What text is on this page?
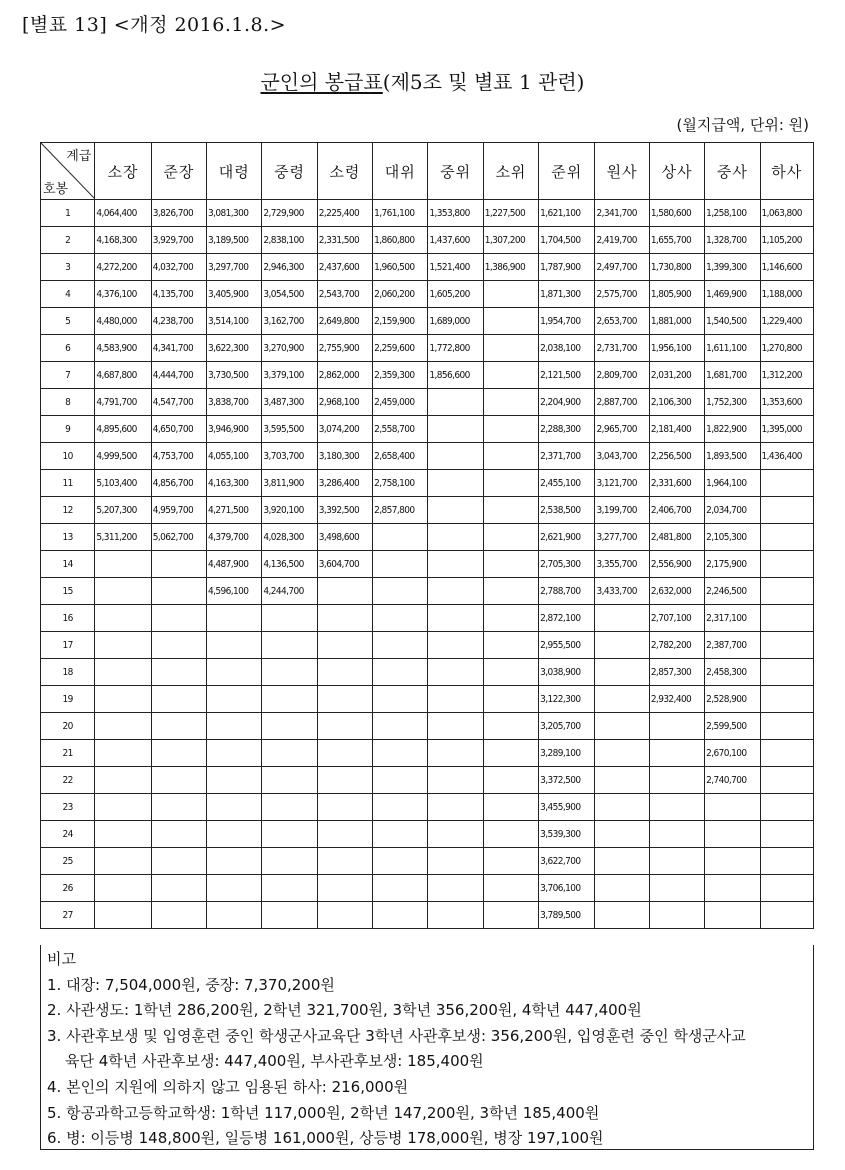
[별표 13] <개정 2016.1.8.>
군인의 봉급표(제5조 및 별표 1 관련)
(월지급액, 단위: 원)
계급
호봉	소장	준장	대령	중령	소령	대위	중위	소위	준위	원사	상사	중사	하사
1	4,064,400	3,826,700	3,081,300	2,729,900	2,225,400	1,761,100	1,353,800	1,227,500	1,621,100	2,341,700	1,580,600	1,258,100	1,063,800
2	4,168,300	3,929,700	3,189,500	2,838,100	2,331,500	1,860,800	1,437,600	1,307,200	1,704,500	2,419,700	1,655,700	1,328,700	1,105,200
3	4,272,200	4,032,700	3,297,700	2,946,300	2,437,600	1,960,500	1,521,400	1,386,900	1,787,900	2,497,700	1,730,800	1,399,300	1,146,600
4	4,376,100	4,135,700	3,405,900	3,054,500	2,543,700	2,060,200	1,605,200		1,871,300	2,575,700	1,805,900	1,469,900	1,188,000
5	4,480,000	4,238,700	3,514,100	3,162,700	2,649,800	2,159,900	1,689,000		1,954,700	2,653,700	1,881,000	1,540,500	1,229,400
6	4,583,900	4,341,700	3,622,300	3,270,900	2,755,900	2,259,600	1,772,800		2,038,100	2,731,700	1,956,100	1,611,100	1,270,800
7	4,687,800	4,444,700	3,730,500	3,379,100	2,862,000	2,359,300	1,856,600		2,121,500	2,809,700	2,031,200	1,681,700	1,312,200
8	4,791,700	4,547,700	3,838,700	3,487,300	2,968,100	2,459,000			2,204,900	2,887,700	2,106,300	1,752,300	1,353,600
9	4,895,600	4,650,700	3,946,900	3,595,500	3,074,200	2,558,700			2,288,300	2,965,700	2,181,400	1,822,900	1,395,000
10	4,999,500	4,753,700	4,055,100	3,703,700	3,180,300	2,658,400			2,371,700	3,043,700	2,256,500	1,893,500	1,436,400
11	5,103,400	4,856,700	4,163,300	3,811,900	3,286,400	2,758,100			2,455,100	3,121,700	2,331,600	1,964,100	
12	5,207,300	4,959,700	4,271,500	3,920,100	3,392,500	2,857,800			2,538,500	3,199,700	2,406,700	2,034,700	
13	5,311,200	5,062,700	4,379,700	4,028,300	3,498,600				2,621,900	3,277,700	2,481,800	2,105,300	
14			4,487,900	4,136,500	3,604,700				2,705,300	3,355,700	2,556,900	2,175,900	
15			4,596,100	4,244,700					2,788,700	3,433,700	2,632,000	2,246,500	
16									2,872,100		2,707,100	2,317,100	
17									2,955,500		2,782,200	2,387,700	
18									3,038,900		2,857,300	2,458,300	
19									3,122,300		2,932,400	2,528,900	
20									3,205,700			2,599,500	
21									3,289,100			2,670,100	
22									3,372,500			2,740,700	
23									3,455,900				
24									3,539,300				
25									3,622,700				
26									3,706,100				
27									3,789,500				
비고
1. 대장: 7,504,000원, 중장: 7,370,200원
2. 사관생도: 1학년 286,200원, 2학년 321,700원, 3학년 356,200원, 4학년 447,400원
3. 사관후보생 및 입영훈련 중인 학생군사교육단 3학년 사관후보생: 356,200원, 입영훈련 중인 학생군사교
육단 4학년 사관후보생: 447,400원, 부사관후보생: 185,400원
4. 본인의 지원에 의하지 않고 임용된 하사: 216,000원
5. 항공과학고등학교학생: 1학년 117,000원, 2학년 147,200원, 3학년 185,400원
6. 병: 이등병 148,800원, 일등병 161,000원, 상등병 178,000원, 병장 197,100원
